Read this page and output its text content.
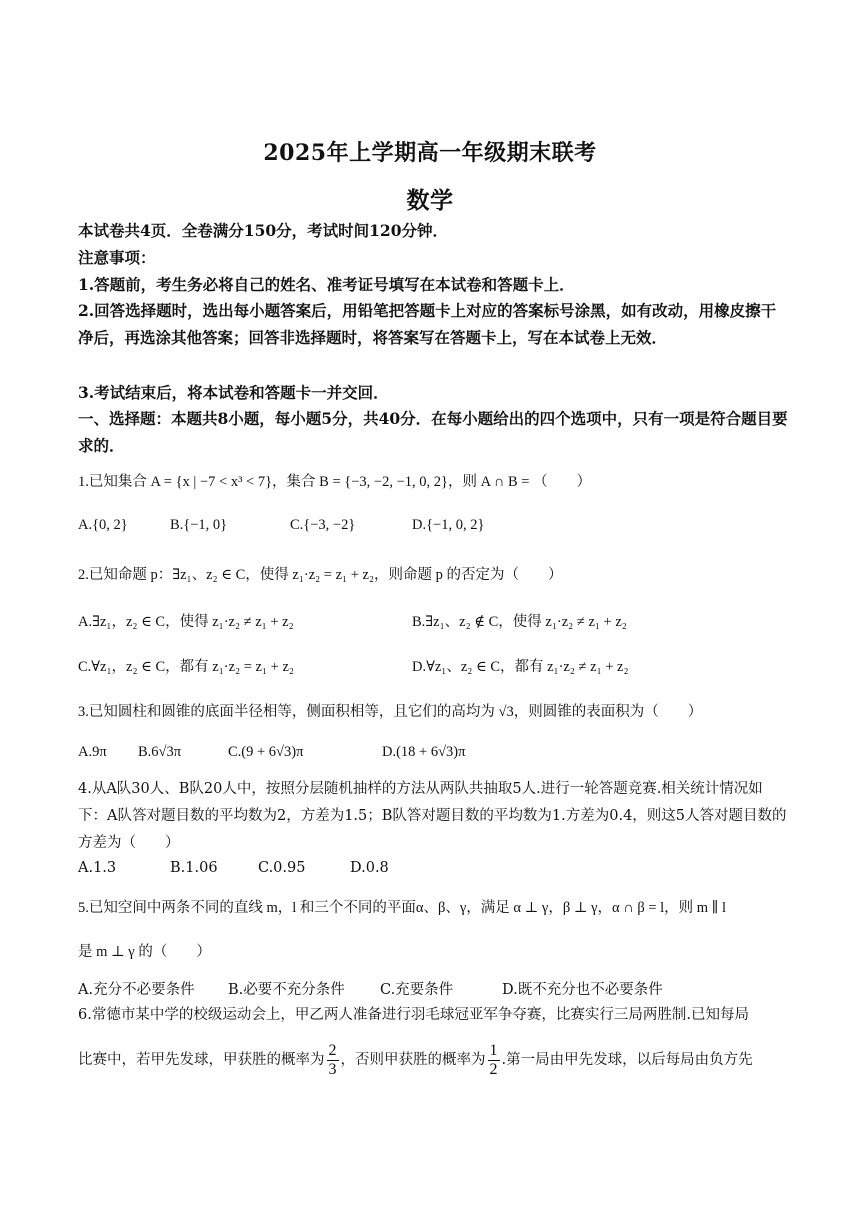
2025年上学期高一年级期末联考
数学
本试卷共4页．全卷满分150分，考试时间120分钟．
注意事项：
1.答题前，考生务必将自己的姓名、准考证号填写在本试卷和答题卡上．
2.回答选择题时，选出每小题答案后，用铅笔把答题卡上对应的答案标号涂黑，如有改动，用橡皮擦干净后，再选涂其他答案；回答非选择题时，将答案写在答题卡上，写在本试卷上无效．
3.考试结束后，将本试卷和答题卡一并交回．
一、选择题：本题共8小题，每小题5分，共40分．在每小题给出的四个选项中，只有一项是符合题目要求的．
1.已知集合 A = {x | −7 < x³ < 7}，集合 B = {−3, −2, −1, 0, 2}，则 A ∩ B = （　　）
A.{0, 2}	B.{−1, 0}	C.{−3, −2}	D.{−1, 0, 2}
2.已知命题 p：∃z₁、z₂ ∈ C，使得 z₁·z₂ = z₁ + z₂，则命题 p 的否定为（　　）
A.∃z₁，z₂ ∈ C，使得 z₁·z₂ ≠ z₁ + z₂	B.∃z₁、z₂ ∉ C，使得 z₁·z₂ ≠ z₁ + z₂
C.∀z₁，z₂ ∈ C，都有 z₁·z₂ = z₁ + z₂	D.∀z₁、z₂ ∈ C，都有 z₁·z₂ ≠ z₁ + z₂
3.已知圆柱和圆锥的底面半径相等，侧面积相等，且它们的高均为 √3，则圆锥的表面积为（　　）
A.9π B.6√3π	C.(9 + 6√3)π	D.(18 + 6√3)π
4.从A队30人、B队20人中，按照分层随机抽样的方法从两队共抽取5人.进行一轮答题竞赛.相关统计情况如下：A队答对题目数的平均数为2，方差为1.5；B队答对题目数的平均数为1.方差为0.4，则这5人答对题目数的方差为（　　）
A.1.3	B.1.06	C.0.95	D.0.8
5.已知空间中两条不同的直线 m，l 和三个不同的平面α、β、γ，满足 α ⊥ γ，β ⊥ γ，α ∩ β = l，则 m ∥ l
是 m ⊥ γ 的（　　）
A.充分不必要条件 B.必要不充分条件 C.充要条件	D.既不充分也不必要条件
6.常德市某中学的校级运动会上，甲乙两人准备进行羽毛球冠亚军争夺赛，比赛实行三局两胜制.已知每局
比赛中，若甲先发球，甲获胜的概率为 $\frac{2}{3}$ ，否则甲获胜的概率为 $\frac{1}{2}$ .第一局由甲先发球，以后每局由负方先
